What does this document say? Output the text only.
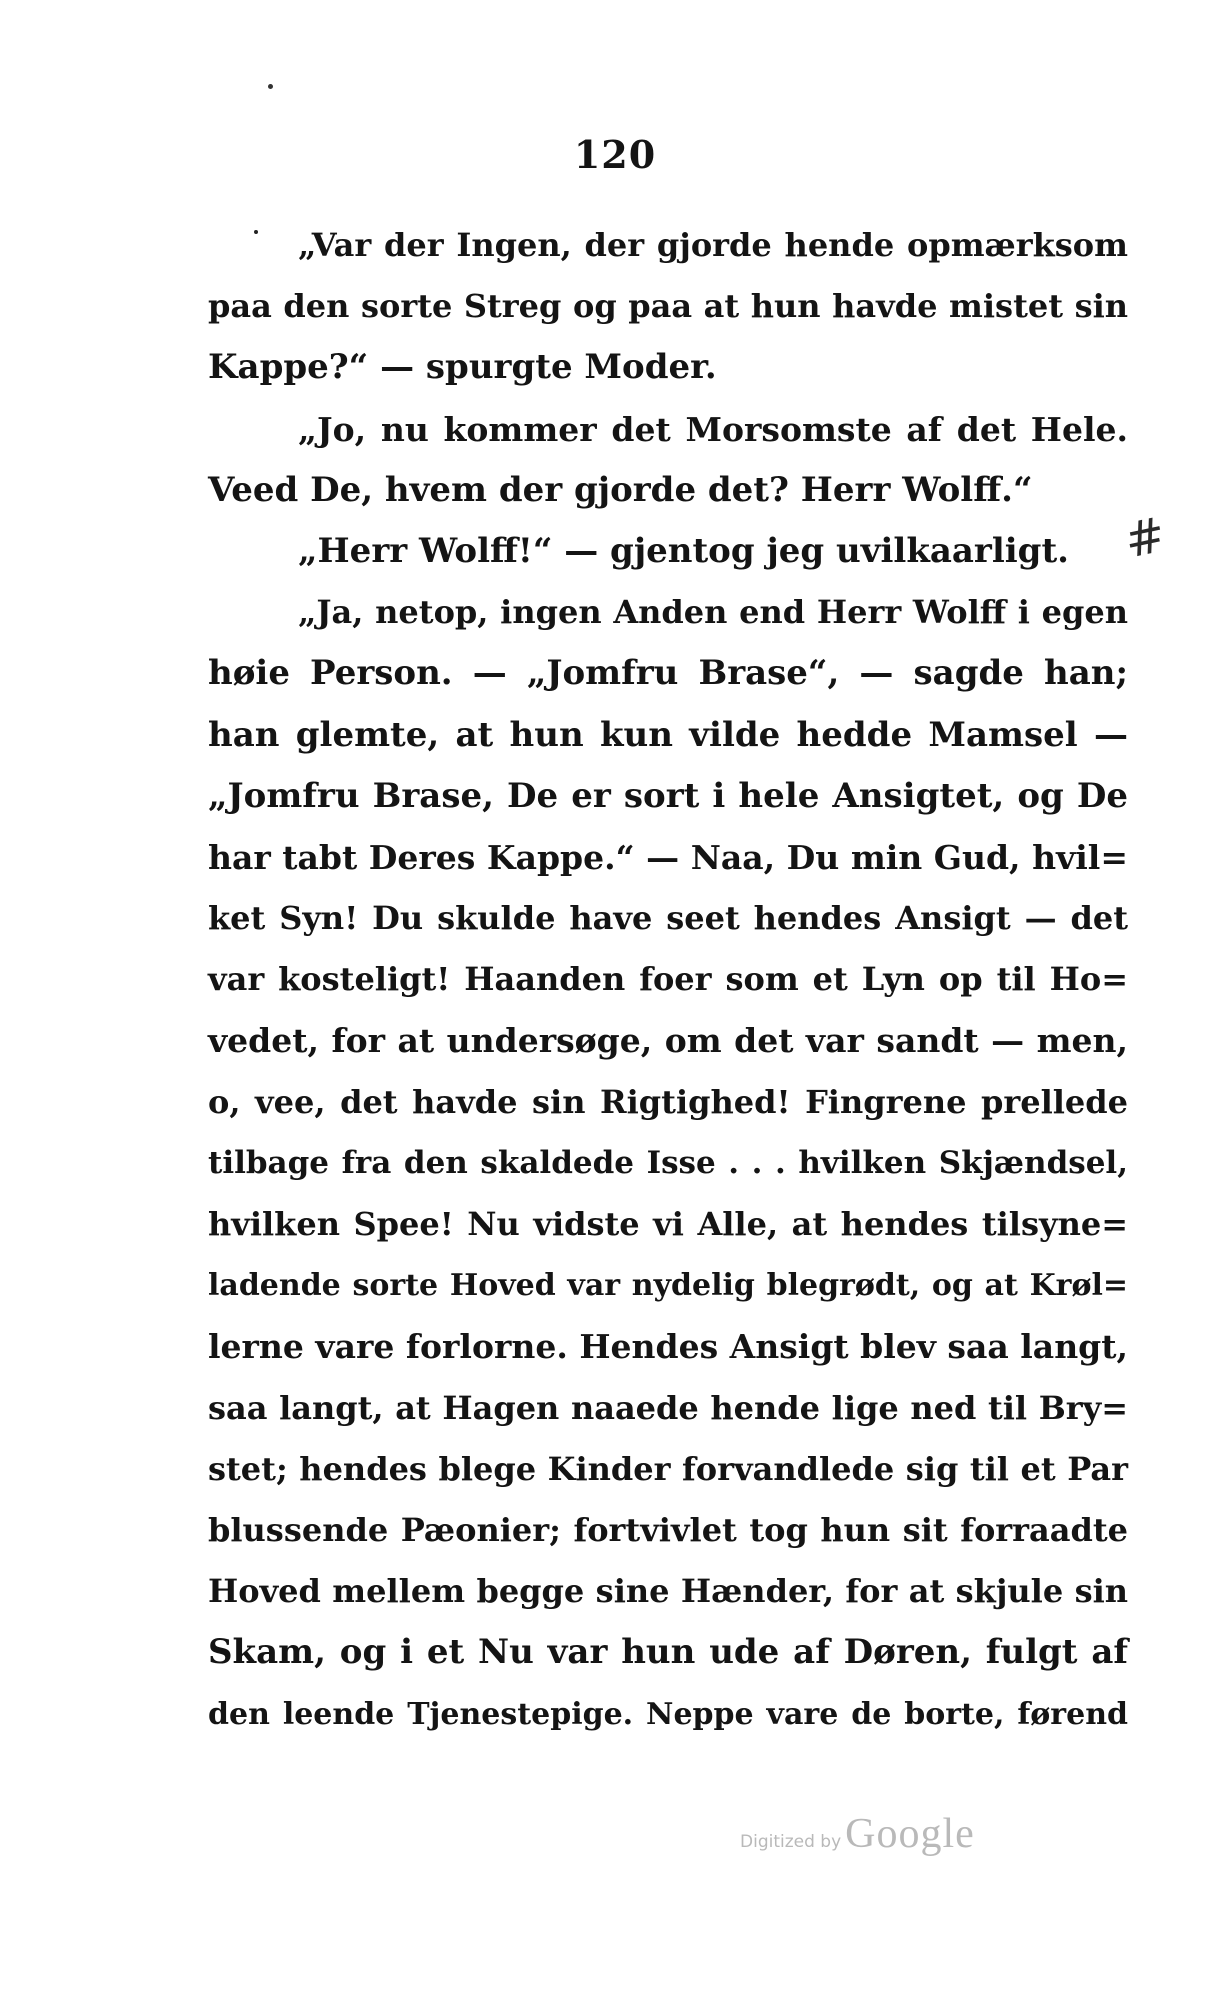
120
„Var der Ingen, der gjorde hende opmærksom
paa den sorte Streg og paa at hun havde mistet sin
Kappe?“ — spurgte Moder.
„Jo, nu kommer det Morsomste af det Hele.
Veed De, hvem der gjorde det? Herr Wolff.“
„Herr Wolff!“ — gjentog jeg uvilkaarligt.
„Ja, netop, ingen Anden end Herr Wolff i egen
høie Person. — „Jomfru Brase“, — sagde han;
han glemte, at hun kun vilde hedde Mamsel —
„Jomfru Brase, De er sort i hele Ansigtet, og De
har tabt Deres Kappe.“ — Naa, Du min Gud, hvil=
ket Syn! Du skulde have seet hendes Ansigt — det
var kosteligt! Haanden foer som et Lyn op til Ho=
vedet, for at undersøge, om det var sandt — men,
o, vee, det havde sin Rigtighed! Fingrene prellede
tilbage fra den skaldede Isse . . . hvilken Skjændsel,
hvilken Spee! Nu vidste vi Alle, at hendes tilsyne=
ladende sorte Hoved var nydelig blegrødt, og at Krøl=
lerne vare forlorne. Hendes Ansigt blev saa langt,
saa langt, at Hagen naaede hende lige ned til Bry=
stet; hendes blege Kinder forvandlede sig til et Par
blussende Pæonier; fortvivlet tog hun sit forraadte
Hoved mellem begge sine Hænder, for at skjule sin
Skam, og i et Nu var hun ude af Døren, fulgt af
den leende Tjenestepige. Neppe vare de borte, førend
#
Digitized by Google
